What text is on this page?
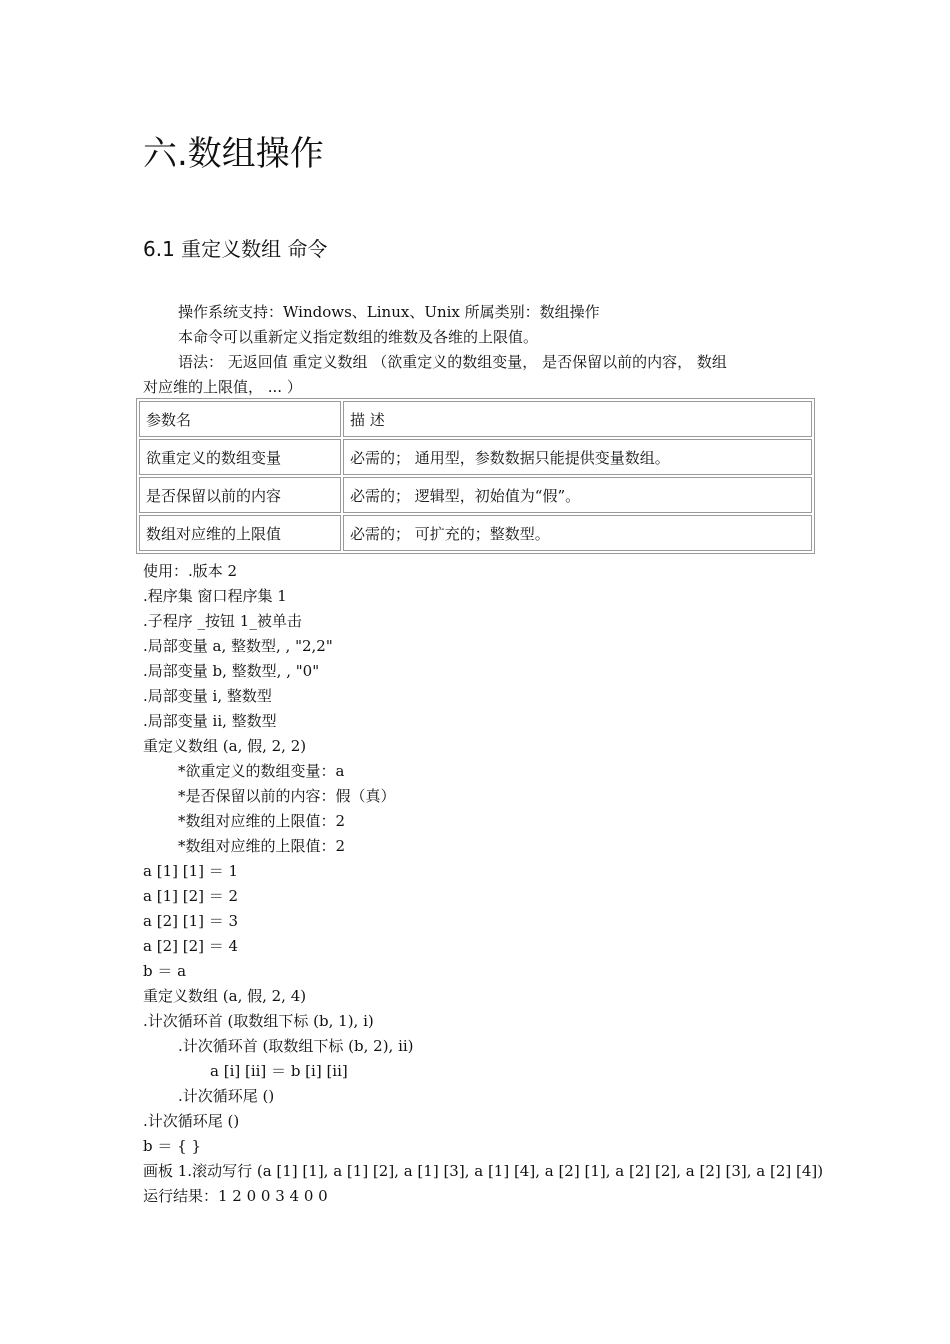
六.数组操作
6.1 重定义数组 命令
操作系统支持：Windows、Linux、Unix 所属类别：数组操作
本命令可以重新定义指定数组的维数及各维的上限值。
语法： 无返回值 重定义数组 （欲重定义的数组变量， 是否保留以前的内容， 数组
对应维的上限值， ... ）
参数名	描 述
欲重定义的数组变量	必需的； 通用型，参数数据只能提供变量数组。
是否保留以前的内容	必需的； 逻辑型，初始值为“假”。
数组对应维的上限值	必需的； 可扩充的；整数型。
使用：.版本 2
.程序集 窗口程序集 1
.子程序 _按钮 1_被单击
.局部变量 a, 整数型, , "2,2"
.局部变量 b, 整数型, , "0"
.局部变量 i, 整数型
.局部变量 ii, 整数型
重定义数组 (a, 假, 2, 2)
*欲重定义的数组变量：a
*是否保留以前的内容：假（真）
*数组对应维的上限值：2
*数组对应维的上限值：2
a [1] [1] ＝ 1
a [1] [2] ＝ 2
a [2] [1] ＝ 3
a [2] [2] ＝ 4
b ＝ a
重定义数组 (a, 假, 2, 4)
.计次循环首 (取数组下标 (b, 1), i)
.计次循环首 (取数组下标 (b, 2), ii)
a [i] [ii] ＝ b [i] [ii]
.计次循环尾 ()
.计次循环尾 ()
b ＝ { }
画板 1.滚动写行 (a [1] [1], a [1] [2], a [1] [3], a [1] [4], a [2] [1], a [2] [2], a [2] [3], a [2] [4])
运行结果：1 2 0 0 3 4 0 0
